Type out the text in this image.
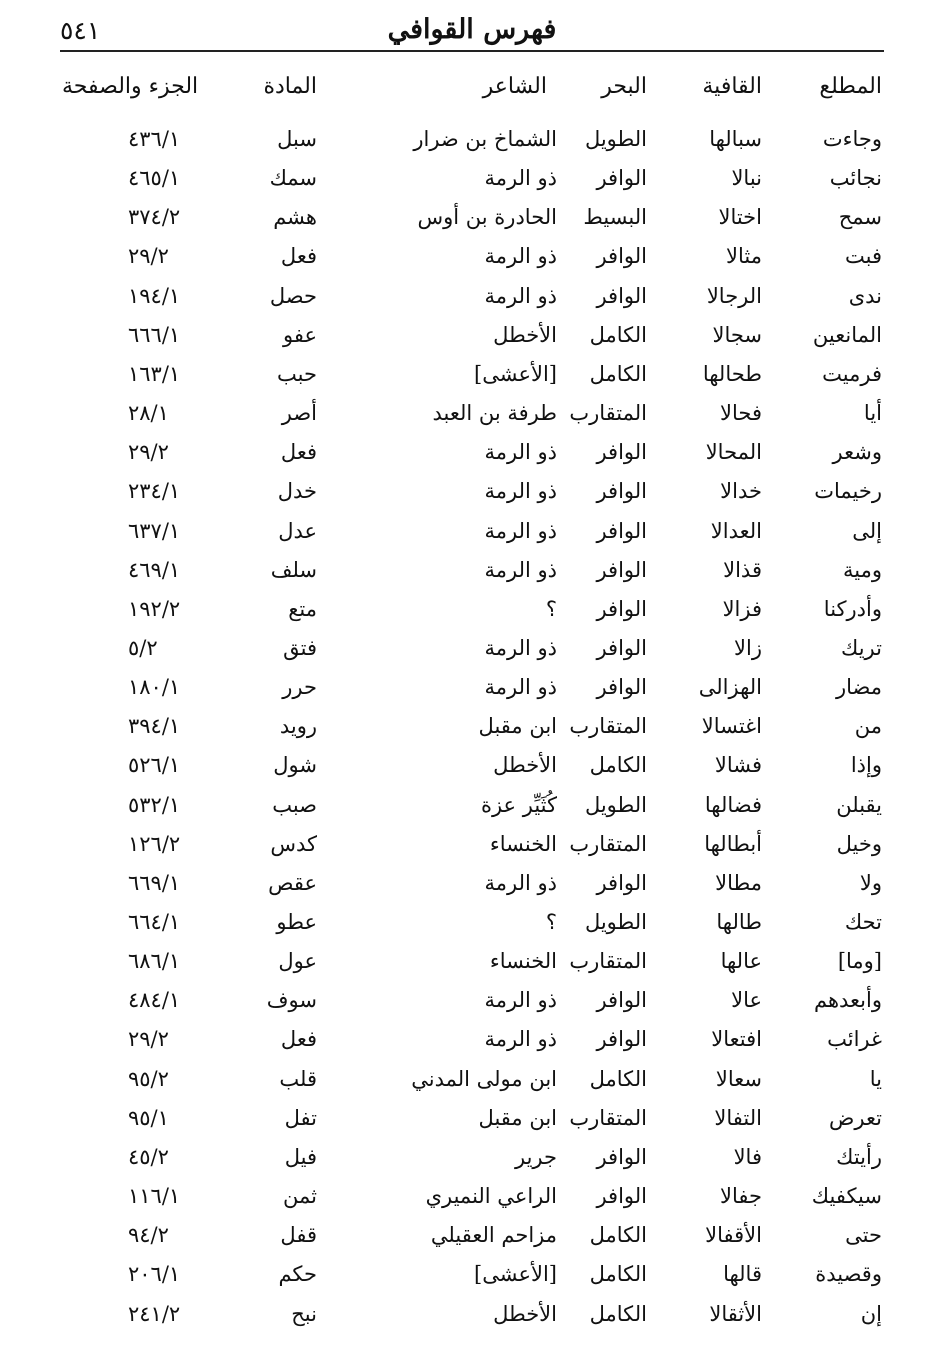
فهرس القوافي
٥٤١
المطلع
القافية
البحر
الشاعر
المادة
الجزء والصفحة
وجاءت
سبالها
الطويل
الشماخ بن ضرار
سبل
٤٣٦/١
نجائب
نبالا
الوافر
ذو الرمة
سمك
٤٦٥/١
سمح
اختالا
البسيط
الحادرة بن أوس
هشم
٣٧٤/٢
فبت
مثالا
الوافر
ذو الرمة
فعل
٢٩/٢
ندى
الرجالا
الوافر
ذو الرمة
حصل
١٩٤/١
المانعين
سجالا
الكامل
الأخطل
عفو
٦٦٦/١
فرميت
طحالها
الكامل
[الأعشى]
حبب
١٦٣/١
أيا
فحالا
المتقارب
طرفة بن العبد
أصر
٢٨/١
وشعر
المحالا
الوافر
ذو الرمة
فعل
٢٩/٢
رخيمات
خدالا
الوافر
ذو الرمة
خدل
٢٣٤/١
إلى
العدالا
الوافر
ذو الرمة
عدل
٦٣٧/١
ومية
قذالا
الوافر
ذو الرمة
سلف
٤٦٩/١
وأدركنا
فزالا
الوافر
؟
متع
١٩٢/٢
تريك
زالا
الوافر
ذو الرمة
فتق
٥/٢
مضار
الهزالى
الوافر
ذو الرمة
حرر
١٨٠/١
من
اغتسالا
المتقارب
ابن مقبل
رويد
٣٩٤/١
وإذا
فشالا
الكامل
الأخطل
شول
٥٢٦/١
يقبلن
فضالها
الطويل
كُثَيِّر عزة
صبب
٥٣٢/١
وخيل
أبطالها
المتقارب
الخنساء
كدس
١٢٦/٢
ولا
مطالا
الوافر
ذو الرمة
عقص
٦٦٩/١
تحك
طالها
الطويل
؟
عطو
٦٦٤/١
[وما]
عالها
المتقارب
الخنساء
عول
٦٨٦/١
وأبعدهم
عالا
الوافر
ذو الرمة
سوف
٤٨٤/١
غرائب
افتعالا
الوافر
ذو الرمة
فعل
٢٩/٢
يا
سعالا
الكامل
ابن مولى المدني
قلب
٩٥/٢
تعرض
التفالا
المتقارب
ابن مقبل
تفل
٩٥/١
رأيتك
فالا
الوافر
جرير
فيل
٤٥/٢
سيكفيك
جفالا
الوافر
الراعي النميري
ثمن
١١٦/١
حتى
الأقفالا
الكامل
مزاحم العقيلي
قفل
٩٤/٢
وقصيدة
قالها
الكامل
[الأعشى]
حكم
٢٠٦/١
إن
الأثقالا
الكامل
الأخطل
نبح
٢٤١/٢
